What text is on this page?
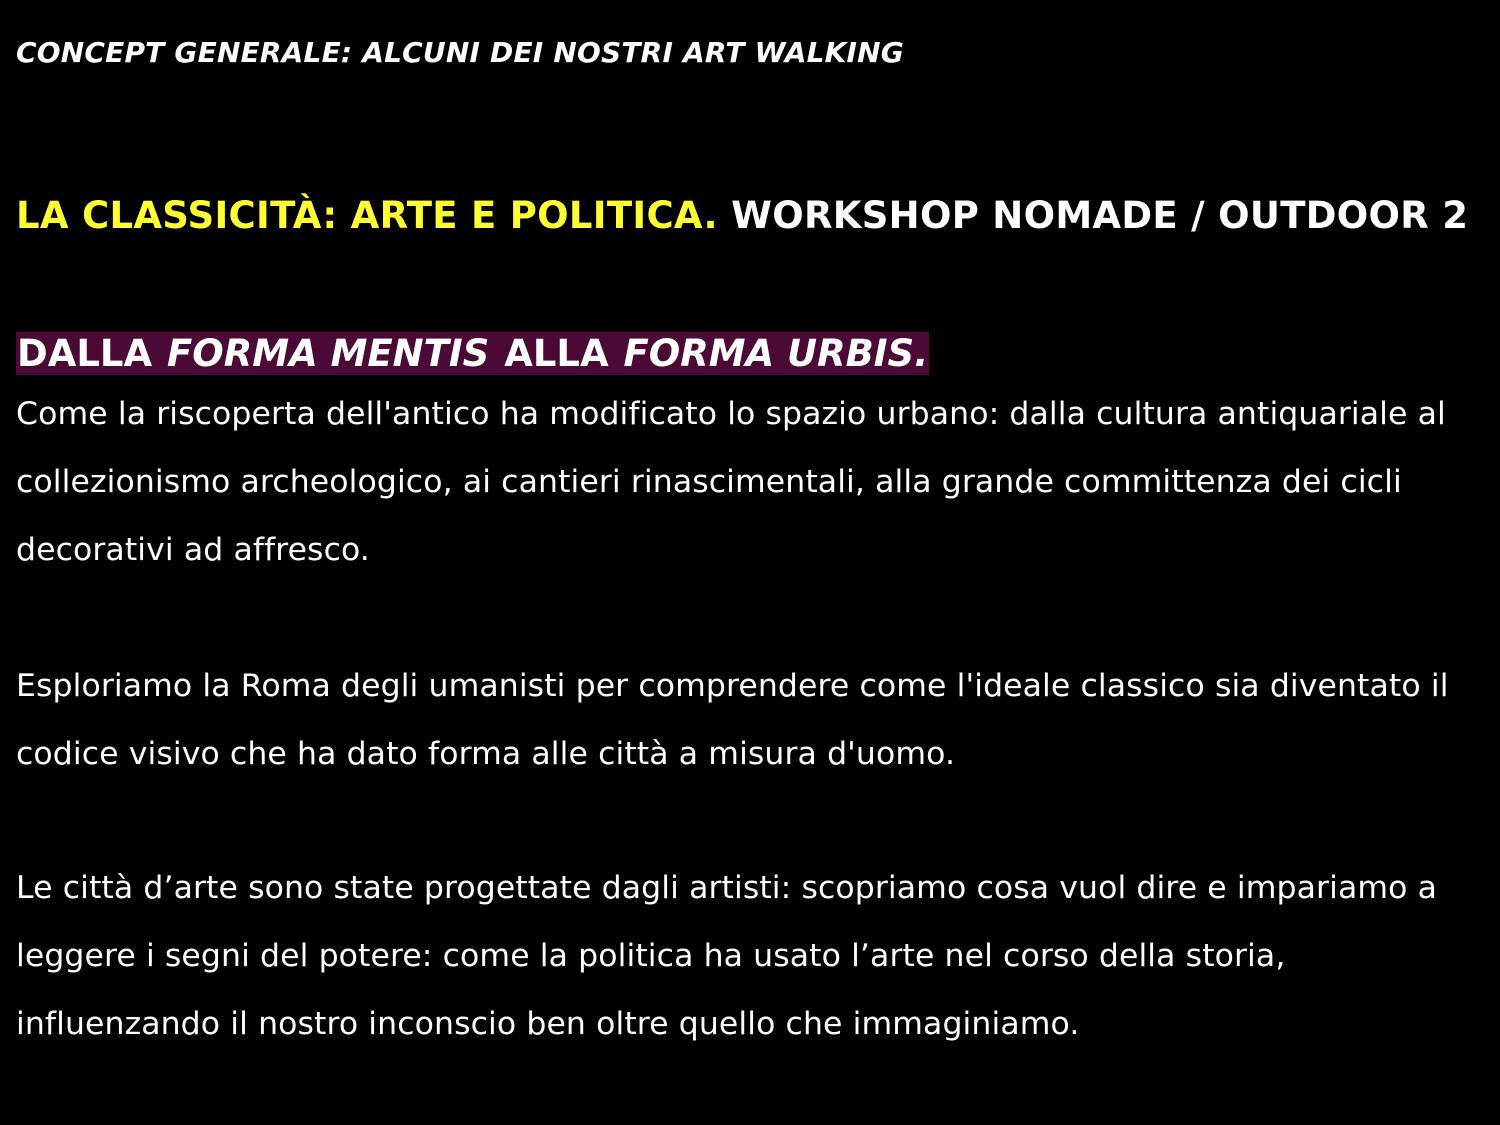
CONCEPT GENERALE: ALCUNI DEI NOSTRI ART WALKING
LA CLASSICITÀ: ARTE E POLITICA. WORKSHOP NOMADE / OUTDOOR 2
DALLA FORMA MENTIS ALLA FORMA URBIS.

Come la riscoperta dell'antico ha modificato lo spazio urbano: dalla cultura antiquariale al collezionismo archeologico, ai cantieri rinascimentali, alla grande committenza dei cicli decorativi ad affresco.

Esploriamo la Roma degli umanisti per comprendere come l'ideale classico sia diventato il codice visivo che ha dato forma alle città a misura d'uomo.

Le città d’arte sono state progettate dagli artisti: scopriamo cosa vuol dire e impariamo a leggere i segni del potere: come la politica ha usato l’arte nel corso della storia, influenzando il nostro inconscio ben oltre quello che immaginiamo.
